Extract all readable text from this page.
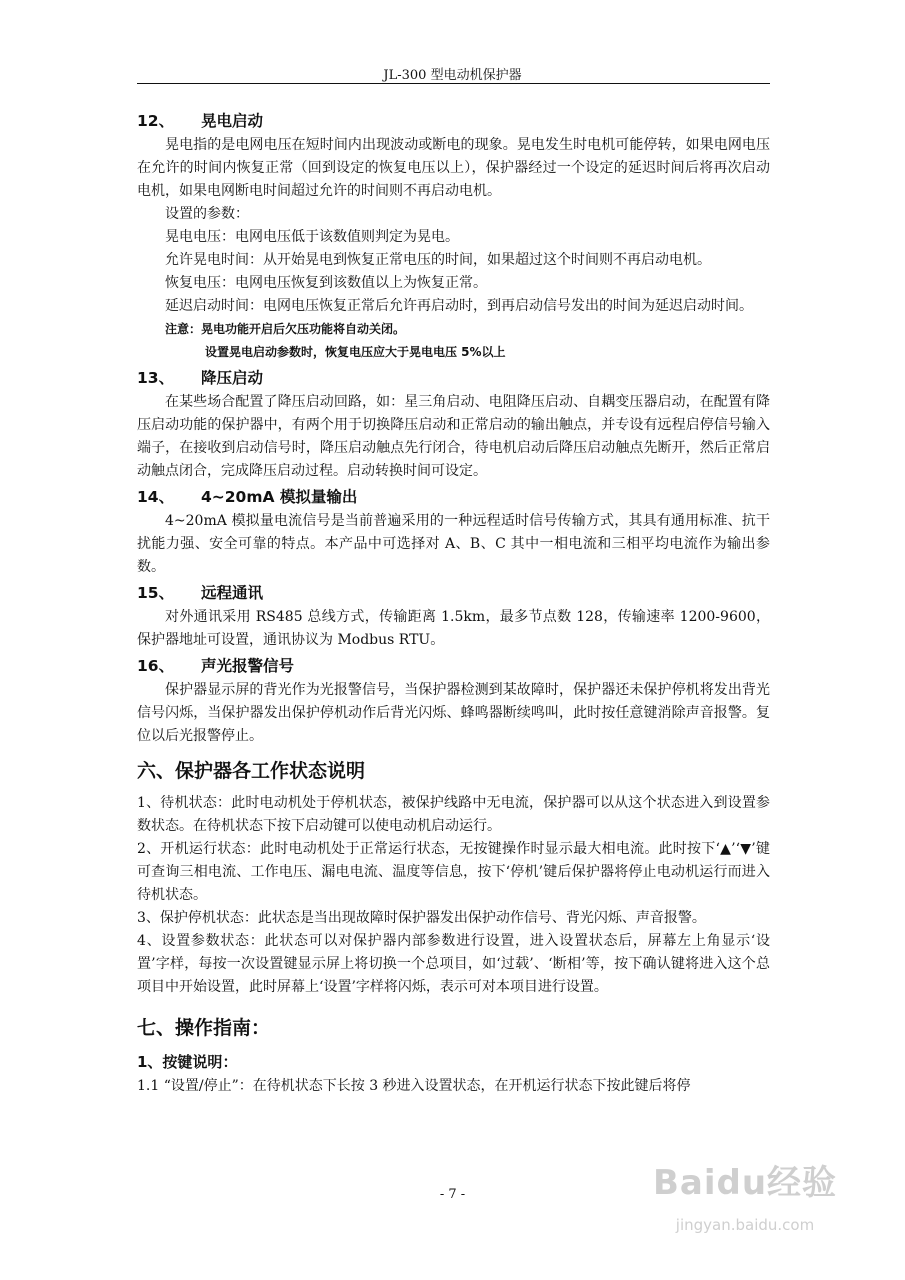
JL-300 型电动机保护器
12、 晃电启动

晃电指的是电网电压在短时间内出现波动或断电的现象。晃电发生时电机可能停转，如果电网电压在允许的时间内恢复正常（回到设定的恢复电压以上），保护器经过一个设定的延迟时间后将再次启动电机，如果电网断电时间超过允许的时间则不再启动电机。

设置的参数：

晃电电压：电网电压低于该数值则判定为晃电。

允许晃电时间：从开始晃电到恢复正常电压的时间，如果超过这个时间则不再启动电机。

恢复电压：电网电压恢复到该数值以上为恢复正常。

延迟启动时间：电网电压恢复正常后允许再启动时，到再启动信号发出的时间为延迟启动时间。

注意：晃电功能开启后欠压功能将自动关闭。

设置晃电启动参数时，恢复电压应大于晃电电压 5%以上

13、 降压启动

在某些场合配置了降压启动回路，如：星三角启动、电阻降压启动、自耦变压器启动，在配置有降压启动功能的保护器中，有两个用于切换降压启动和正常启动的输出触点，并专设有远程启停信号输入端子，在接收到启动信号时，降压启动触点先行闭合，待电机启动后降压启动触点先断开，然后正常启动触点闭合，完成降压启动过程。启动转换时间可设定。

14、 4~20mA 模拟量输出

4~20mA 模拟量电流信号是当前普遍采用的一种远程适时信号传输方式，其具有通用标准、抗干扰能力强、安全可靠的特点。本产品中可选择对 A、B、C 其中一相电流和三相平均电流作为输出参数。

15、 远程通讯

对外通讯采用 RS485 总线方式，传输距离 1.5km，最多节点数 128，传输速率 1200-9600，保护器地址可设置，通讯协议为 Modbus RTU。

16、 声光报警信号

保护器显示屏的背光作为光报警信号，当保护器检测到某故障时，保护器还未保护停机将发出背光信号闪烁，当保护器发出保护停机动作后背光闪烁、蜂鸣器断续鸣叫，此时按任意键消除声音报警。复位以后光报警停止。

六、保护器各工作状态说明

1、待机状态：此时电动机处于停机状态，被保护线路中无电流，保护器可以从这个状态进入到设置参数状态。在待机状态下按下启动键可以使电动机启动运行。

2、开机运行状态：此时电动机处于正常运行状态，无按键操作时显示最大相电流。此时按下‘▲’‘▼’键可查询三相电流、工作电压、漏电电流、温度等信息，按下‘停机’键后保护器将停止电动机运行而进入待机状态。

3、保护停机状态：此状态是当出现故障时保护器发出保护动作信号、背光闪烁、声音报警。

4、设置参数状态：此状态可以对保护器内部参数进行设置，进入设置状态后，屏幕左上角显示‘设置’字样，每按一次设置键显示屏上将切换一个总项目，如‘过载’、‘断相’等，按下确认键将进入这个总项目中开始设置，此时屏幕上‘设置’字样将闪烁，表示可对本项目进行设置。

七、操作指南：
1、按键说明：

1.1 “设置/停止”：在待机状态下长按 3 秒进入设置状态，在开机运行状态下按此键后将停

- 7 -	Baidu经验
jingyan.baidu.com
